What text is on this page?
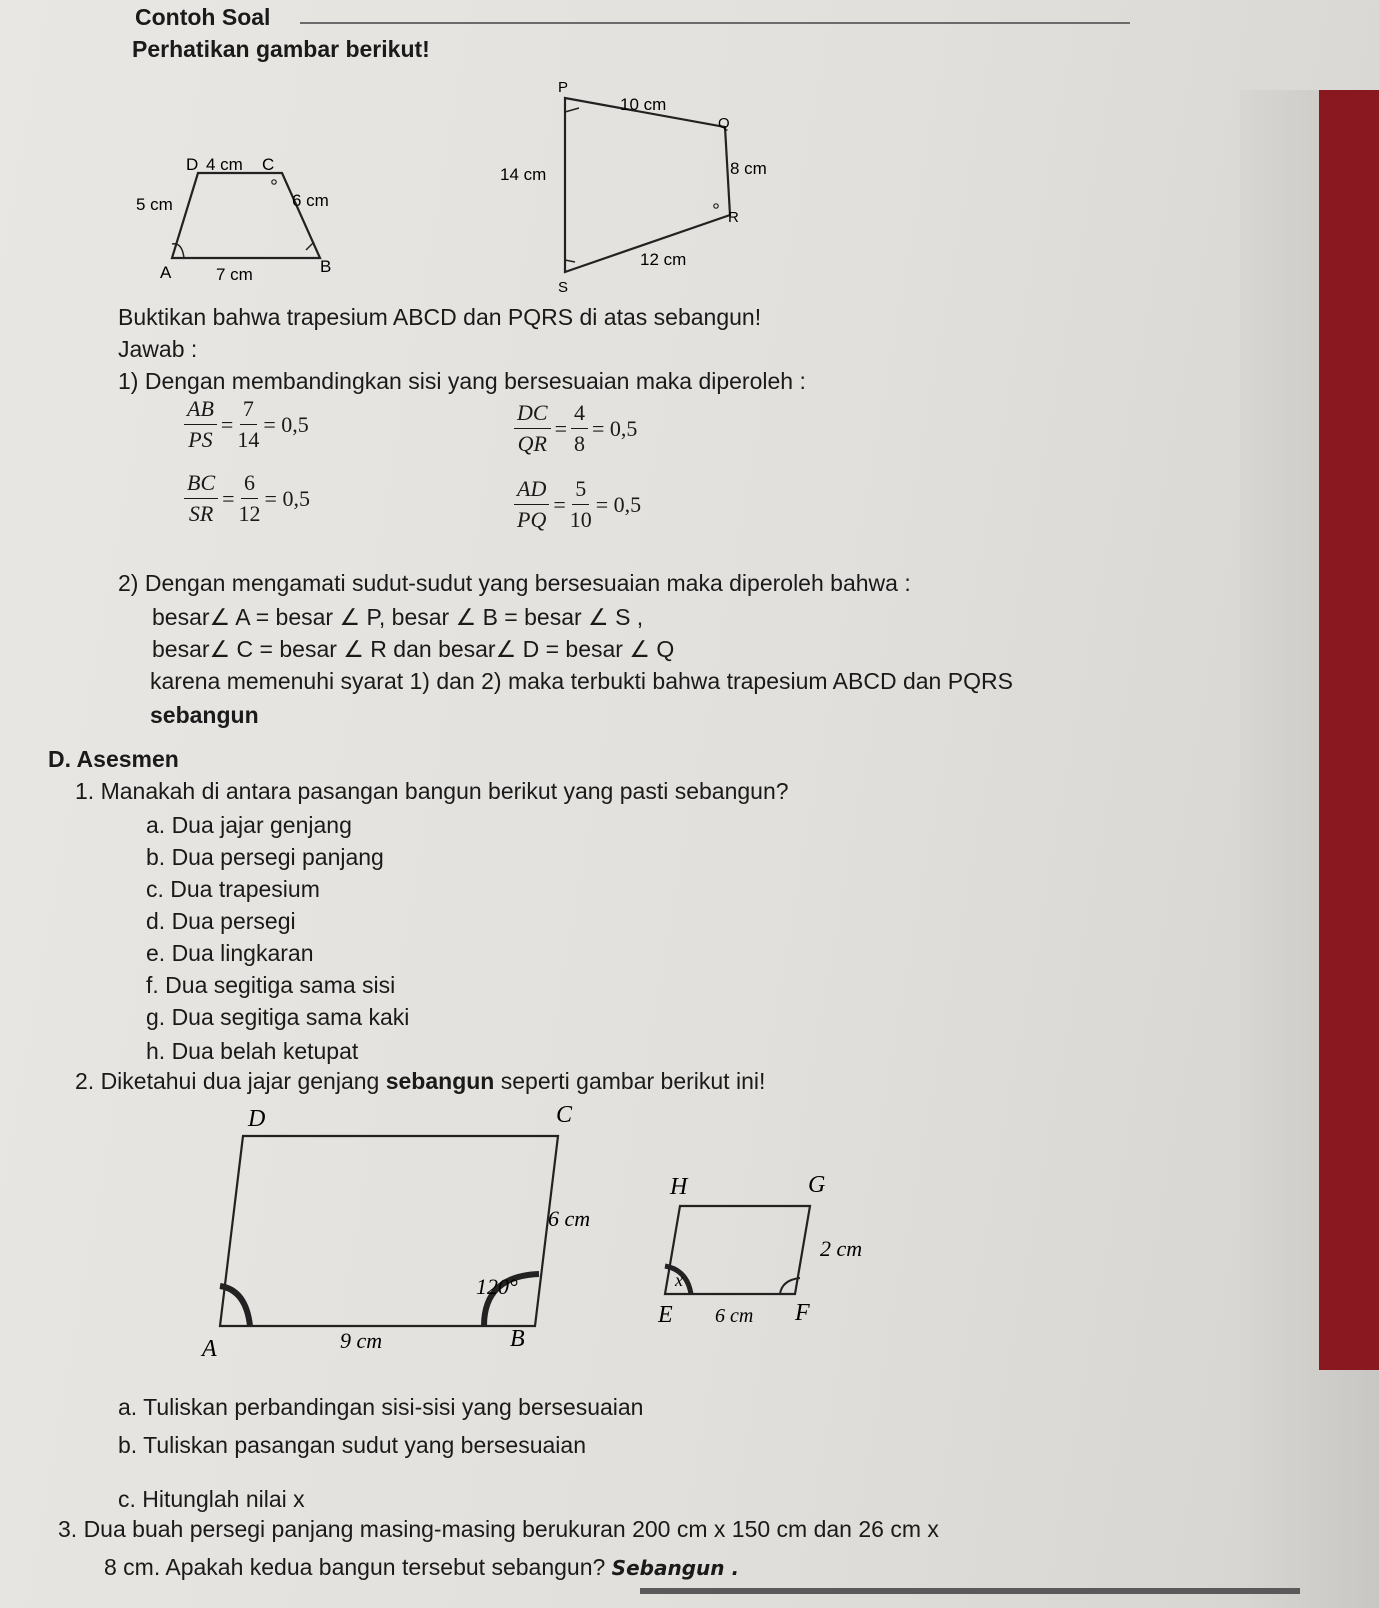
Contoh Soal
Perhatikan gambar berikut!
D	C
4 cm
5 cm	6 cm
A	7 cm	B
P
10 cm
Q
14 cm	8 cm
R
12 cm
S
Buktikan bahwa trapesium ABCD dan PQRS di atas sebangun!
Jawab :
1) Dengan membandingkan sisi yang bersesuaian maka diperoleh :
$\frac{AB}{PS} = \frac{7}{14} = 0,5$	$\frac{DC}{QR} = \frac{4}{8} = 0,5$
$\frac{BC}{SR} = \frac{6}{12} = 0,5$	$\frac{AD}{PQ} = \frac{5}{10} = 0,5$
2) Dengan mengamati sudut-sudut yang bersesuaian maka diperoleh bahwa :
besar∠ A = besar ∠ P, besar ∠ B = besar ∠ S ,
besar∠ C = besar ∠ R dan besar∠ D = besar ∠ Q
karena memenuhi syarat 1) dan 2) maka terbukti bahwa trapesium ABCD dan PQRS
sebangun
D. Asesmen
1. Manakah di antara pasangan bangun berikut yang pasti sebangun?
a. Dua jajar genjang
b. Dua persegi panjang
c. Dua trapesium
d. Dua persegi
e. Dua lingkaran
f. Dua segitiga sama sisi
g. Dua segitiga sama kaki
h. Dua belah ketupat
2. Diketahui dua jajar genjang sebangun seperti gambar berikut ini!
D	C
6 cm
120°
A	9 cm	B
H	G
2 cm
x
E 6 cm F
a. Tuliskan perbandingan sisi-sisi yang bersesuaian
b. Tuliskan pasangan sudut yang bersesuaian
c. Hitunglah nilai x
3. Dua buah persegi panjang masing-masing berukuran 200 cm x 150 cm dan 26 cm x
8 cm. Apakah kedua bangun tersebut sebangun? Sebangun .
